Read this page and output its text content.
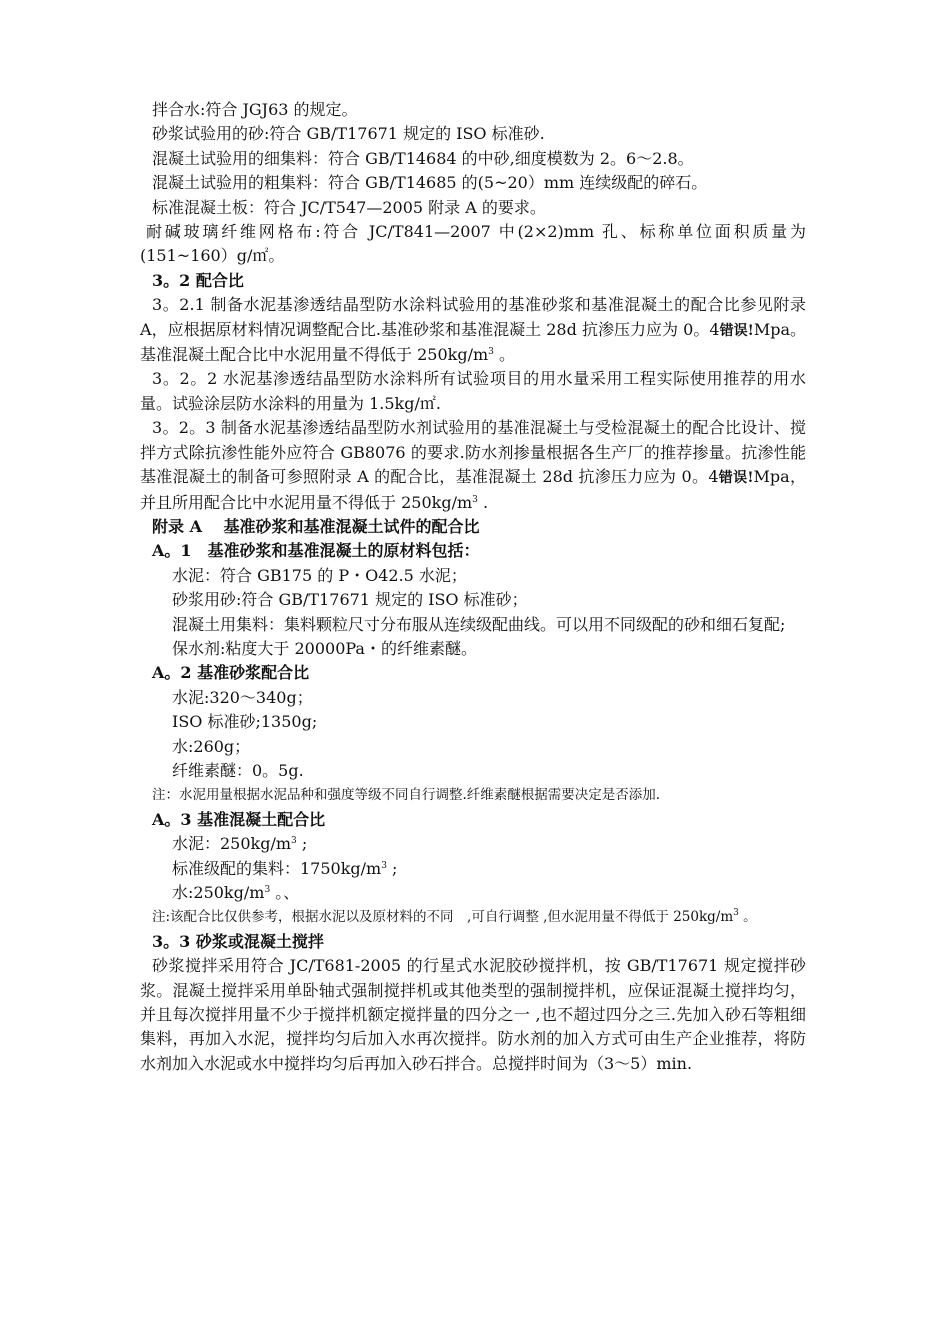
拌合水:符合 JGJ63 的规定。

砂浆试验用的砂:符合 GB/T17671 规定的 ISO 标准砂.

混凝土试验用的细集料：符合 GB/T14684 的中砂,细度模数为 2。6～2.8。

混凝土试验用的粗集料：符合 GB/T14685 的(5~20）mm 连续级配的碎石。

标准混凝土板：符合 JC/T547—2005 附录 A 的要求。

耐碱玻璃纤维网格布:符合 JC/T841—2007 中(2×2)mm 孔、标称单位面积质量为(151~160）g/㎡。

3。2 配合比

3。2.1 制备水泥基渗透结晶型防水涂料试验用的基准砂浆和基准混凝土的配合比参见附录 A，应根据原材料情况调整配合比.基准砂浆和基准混凝土 28d 抗渗压力应为 0。4错误!Mpa。基准混凝土配合比中水泥用量不得低于 $250kg/m^3$ 。

3。2。2 水泥基渗透结晶型防水涂料所有试验项目的用水量采用工程实际使用推荐的用水量。试验涂层防水涂料的用量为 1.5kg/㎡.

3。2。3 制备水泥基渗透结晶型防水剂试验用的基准混凝土与受检混凝土的配合比设计、搅拌方式除抗渗性能外应符合 GB8076 的要求.防水剂掺量根据各生产厂的推荐掺量。抗渗性能基准混凝土的制备可参照附录 A 的配合比，基准混凝土 28d 抗渗压力应为 0。4错误!Mpa，并且所用配合比中水泥用量不得低于 $250kg/m^3$ .

附录 A　 基准砂浆和基准混凝土试件的配合比

A。1　基准砂浆和基准混凝土的原材料包括：

水泥：符合 GB175 的 P・O42.5 水泥；

砂浆用砂:符合 GB/T17671 规定的 ISO 标准砂；

混凝土用集料：集料颗粒尺寸分布服从连续级配曲线。可以用不同级配的砂和细石复配;

保水剂:粘度大于 20000Pa・的纤维素醚。

A。2 基准砂浆配合比

水泥:320～340g；

ISO 标准砂;1350g;

水:260g；

纤维素醚：0。5g.

注：水泥用量根据水泥品种和强度等级不同自行调整.纤维素醚根据需要决定是否添加.

A。3 基准混凝土配合比

水泥：$250kg/m^3$ ;

标准级配的集料：$1750kg/m^3$ ;

水$:250kg/m^3$ 。、

注:该配合比仅供参考，根据水泥以及原材料的不同　,可自行调整 ,但水泥用量不得低于 $250kg/m^3$ 。

3。3 砂浆或混凝土搅拌

砂浆搅拌采用符合 JC/T681-2005 的行星式水泥胶砂搅拌机，按 GB/T17671 规定搅拌砂浆。混凝土搅拌采用单卧轴式强制搅拌机或其他类型的强制搅拌机，应保证混凝土搅拌均匀，并且每次搅拌用量不少于搅拌机额定搅拌量的四分之一 ,也不超过四分之三.先加入砂石等粗细集料，再加入水泥，搅拌均匀后加入水再次搅拌。防水剂的加入方式可由生产企业推荐，将防水剂加入水泥或水中搅拌均匀后再加入砂石拌合。总搅拌时间为（3～5）min.
